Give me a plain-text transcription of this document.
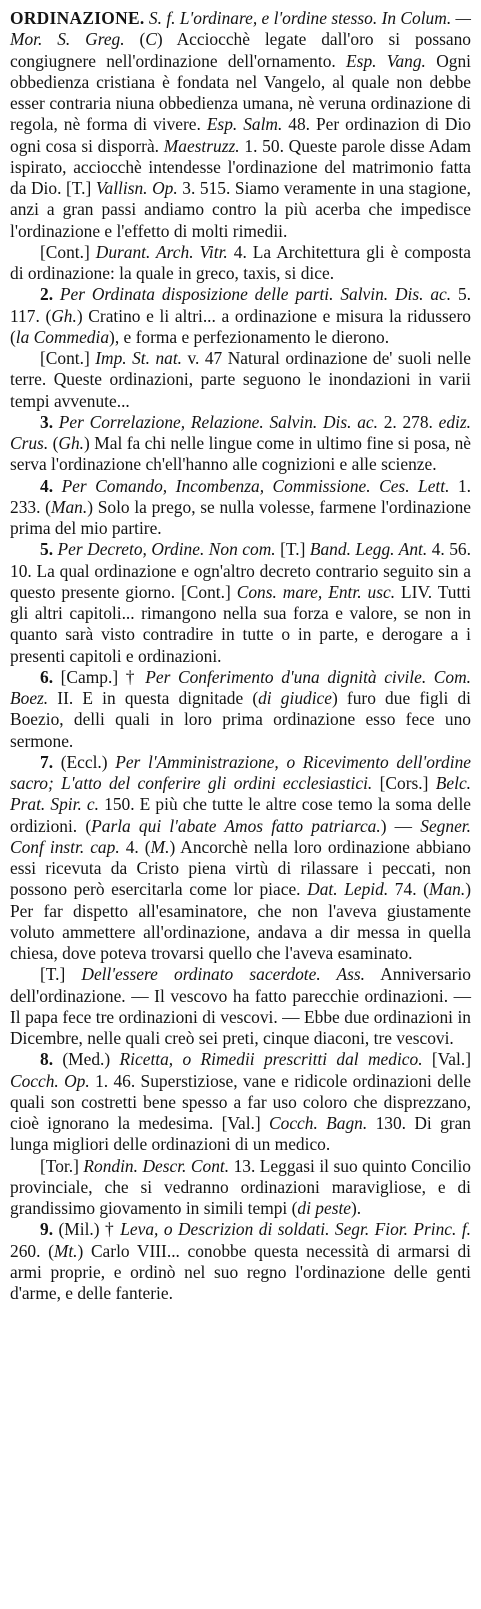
ORDINAZIONE. S. f. L'ordinare, e l'ordine stesso. In Colum. — Mor. S. Greg. (C) Acciocchè legate dall'oro si possano congiugnere nell'ordinazione dell'ornamento. Esp. Vang. Ogni obbedienza cristiana è fondata nel Vangelo, al quale non debbe esser contraria niuna obbedienza umana, nè veruna ordinazione di regola, nè forma di vivere. Esp. Salm. 48. Per ordinazion di Dio ogni cosa si disporrà. Maestruzz. 1. 50. Queste parole disse Adam ispirato, acciocchè intendesse l'ordinazione del matrimonio fatta da Dio. [T.] Vallisn. Op. 3. 515. Siamo veramente in una stagione, anzi a gran passi andiamo contro la più acerba che impedisce l'ordinazione e l'effetto di molti rimedii.

[Cont.] Durant. Arch. Vitr. 4. La Architettura gli è composta di ordinazione: la quale in greco, taxis, si dice.

2. Per Ordinata disposizione delle parti. Salvin. Dis. ac. 5. 117. (Gh.) Cratino e li altri... a ordinazione e misura la ridussero (la Commedia), e forma e perfezionamento le dierono.

[Cont.] Imp. St. nat. v. 47 Natural ordinazione de' suoli nelle terre. Queste ordinazioni, parte seguono le inondazioni in varii tempi avvenute...

3. Per Correlazione, Relazione. Salvin. Dis. ac. 2. 278. ediz. Crus. (Gh.) Mal fa chi nelle lingue come in ultimo fine si posa, nè serva l'ordinazione ch'ell'hanno alle cognizioni e alle scienze.

4. Per Comando, Incombenza, Commissione. Ces. Lett. 1. 233. (Man.) Solo la prego, se nulla volesse, farmene l'ordinazione prima del mio partire.

5. Per Decreto, Ordine. Non com. [T.] Band. Legg. Ant. 4. 56. 10. La qual ordinazione e ogn'altro decreto contrario seguito sin a questo presente giorno. [Cont.] Cons. mare, Entr. usc. LIV. Tutti gli altri capitoli... rimangono nella sua forza e valore, se non in quanto sarà visto contradire in tutte o in parte, e derogare a i presenti capitoli e ordinazioni.

6. [Camp.] † Per Conferimento d'una dignità civile. Com. Boez. II. E in questa dignitade (di giudice) furo due figli di Boezio, delli quali in loro prima ordinazione esso fece uno sermone.

7. (Eccl.) Per l'Amministrazione, o Ricevimento dell'ordine sacro; L'atto del conferire gli ordini ecclesiastici. [Cors.] Belc. Prat. Spir. c. 150. E più che tutte le altre cose temo la soma delle ordizioni. (Parla qui l'abate Amos fatto patriarca.) — Segner. Conf instr. cap. 4. (M.) Ancorchè nella loro ordinazione abbiano essi ricevuta da Cristo piena virtù di rilassare i peccati, non possono però esercitarla come lor piace. Dat. Lepid. 74. (Man.) Per far dispetto all'esaminatore, che non l'aveva giustamente voluto ammettere all'ordinazione, andava a dir messa in quella chiesa, dove poteva trovarsi quello che l'aveva esaminato.

[T.] Dell'essere ordinato sacerdote. Ass. Anniversario dell'ordinazione. — Il vescovo ha fatto parecchie ordinazioni. — Il papa fece tre ordinazioni di vescovi. — Ebbe due ordinazioni in Dicembre, nelle quali creò sei preti, cinque diaconi, tre vescovi.

8. (Med.) Ricetta, o Rimedii prescritti dal medico. [Val.] Cocch. Op. 1. 46. Superstiziose, vane e ridicole ordinazioni delle quali son costretti bene spesso a far uso coloro che disprezzano, cioè ignorano la medesima. [Val.] Cocch. Bagn. 130. Di gran lunga migliori delle ordinazioni di un medico.

[Tor.] Rondin. Descr. Cont. 13. Leggasi il suo quinto Concilio provinciale, che si vedranno ordinazioni maravigliose, e di grandissimo giovamento in simili tempi (di peste).

9. (Mil.) † Leva, o Descrizion di soldati. Segr. Fior. Princ. f. 260. (Mt.) Carlo VIII... conobbe questa necessità di armarsi di armi proprie, e ordinò nel suo regno l'ordinazione delle genti d'arme, e delle fanterie.
